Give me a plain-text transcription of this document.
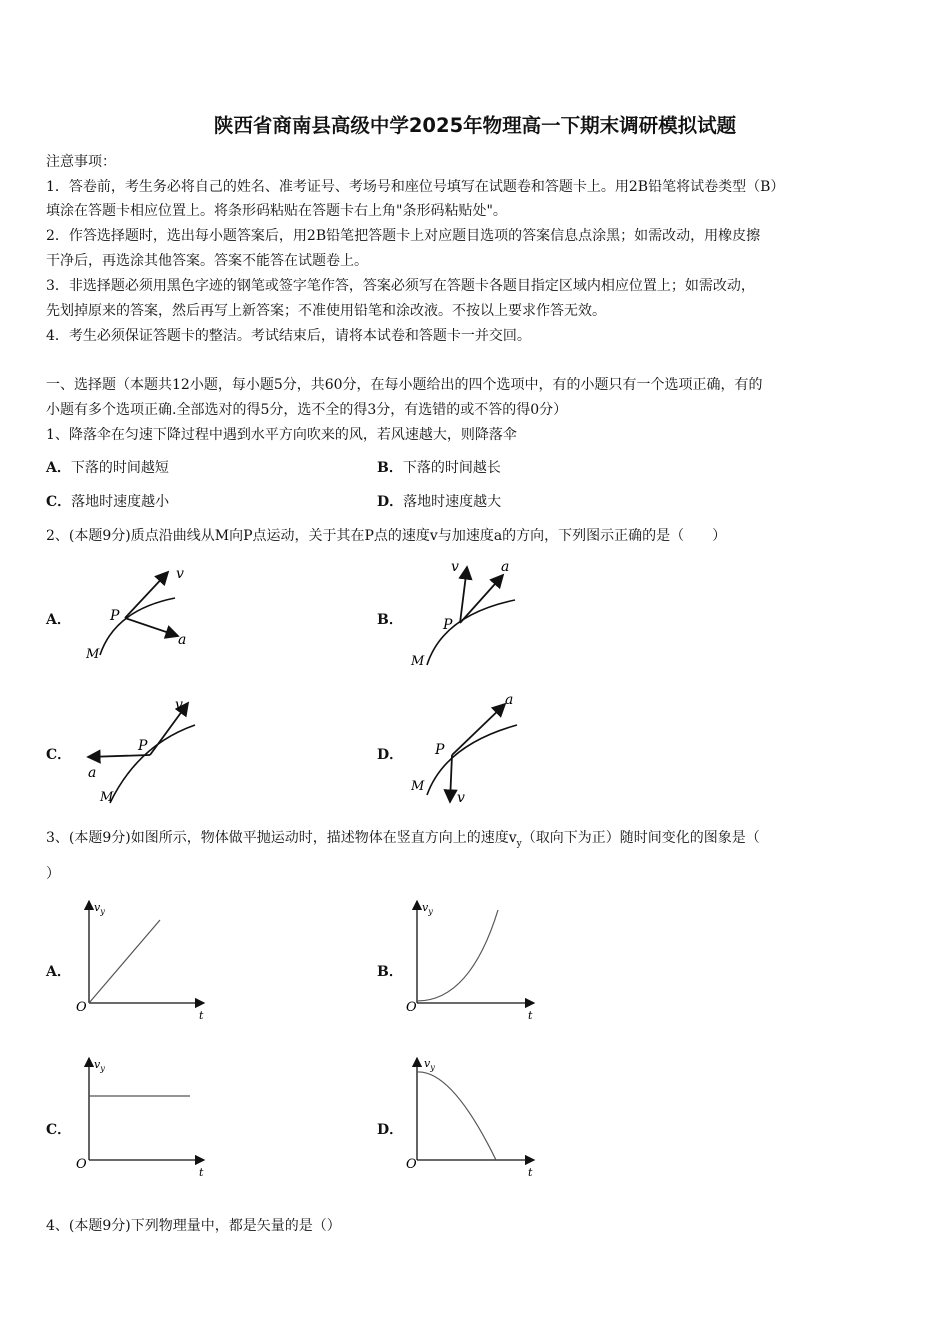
陕西省商南县高级中学2025年物理高一下期末调研模拟试题
注意事项：
1．答卷前，考生务必将自己的姓名、准考证号、考场号和座位号填写在试题卷和答题卡上。用2B铅笔将试卷类型（B）
填涂在答题卡相应位置上。将条形码粘贴在答题卡右上角"条形码粘贴处"。
2．作答选择题时，选出每小题答案后，用2B铅笔把答题卡上对应题目选项的答案信息点涂黑；如需改动，用橡皮擦
干净后，再选涂其他答案。答案不能答在试题卷上。
3．非选择题必须用黑色字迹的钢笔或签字笔作答，答案必须写在答题卡各题目指定区域内相应位置上；如需改动，
先划掉原来的答案，然后再写上新答案；不准使用铅笔和涂改液。不按以上要求作答无效。
4．考生必须保证答题卡的整洁。考试结束后，请将本试卷和答题卡一并交回。
一、选择题（本题共12小题，每小题5分，共60分，在每小题给出的四个选项中，有的小题只有一个选项正确，有的
小题有多个选项正确.全部选对的得5分，选不全的得3分，有选错的或不答的得0分）
1、降落伞在匀速下降过程中遇到水平方向吹来的风，若风速越大，则降落伞
A．下落的时间越短	B．下落的时间越长
C．落地时速度越小	D．落地时速度越大
2、(本题9分)质点沿曲线从M向P点运动，关于其在P点的速度v与加速度a的方向，下列图示正确的是（　　）
A．	B．
C．	D．
P
M
v
a
P
M
v	a
P
M
v
a
P
M
v
a
3、(本题9分)如图所示，物体做平抛运动时，描述物体在竖直方向上的速度$v_y$（取向下为正）随时间变化的图象是（
）
A．	B．
C．	D．
$v_y$
O
t
$v_y$
O
t
$v_y$
O
t
$v_y$
O
t
4、(本题9分)下列物理量中，都是矢量的是（）
